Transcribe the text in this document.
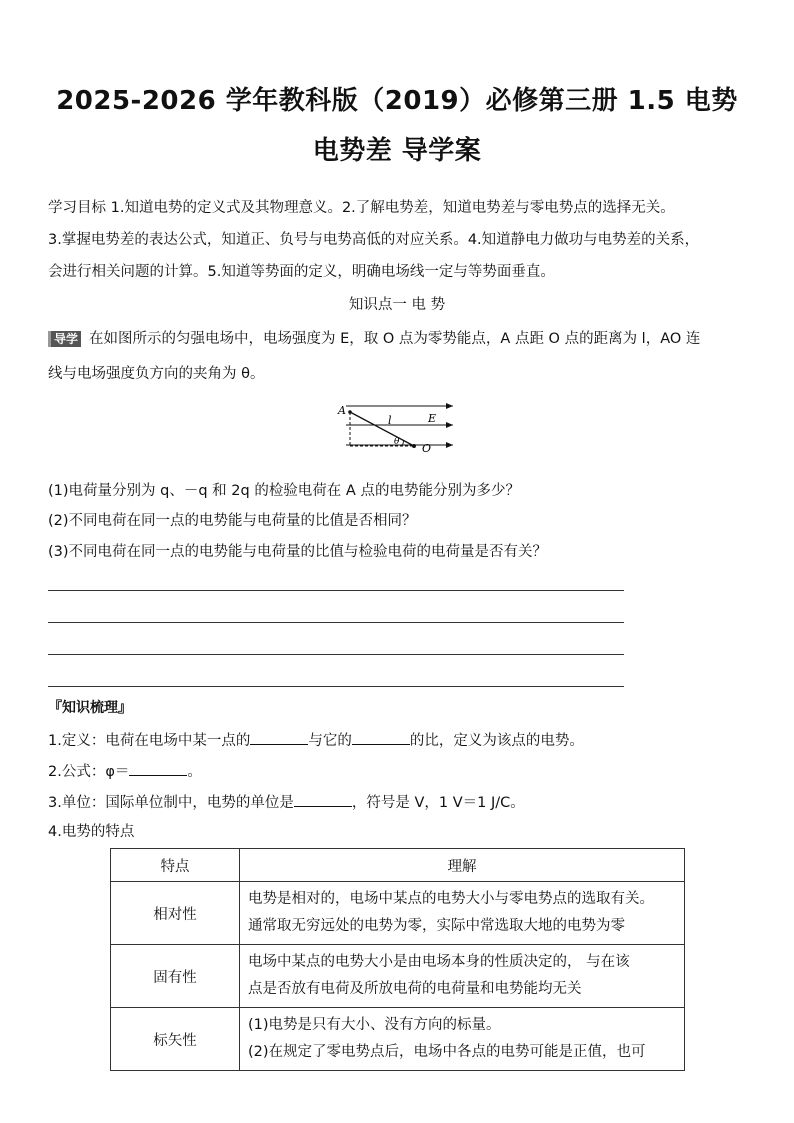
2025-2026 学年教科版（2019）必修第三册 1.5 电势
电势差 导学案
学习目标 1.知道电势的定义式及其物理意义。2.了解电势差，知道电势差与零电势点的选择无关。
3.掌握电势差的表达公式，知道正、负号与电势高低的对应关系。4.知道静电力做功与电势差的关系，
会进行相关问题的计算。5.知道等势面的定义，明确电场线一定与等势面垂直。
知识点一 电 势
导学 在如图所示的匀强电场中，电场强度为 E，取 O 点为零势能点，A 点距 O 点的距离为 l，AO 连
线与电场强度负方向的夹角为 θ。
A
l	E
θ O
(1)电荷量分别为 q、－q 和 2q 的检验电荷在 A 点的电势能分别为多少？
(2)不同电荷在同一点的电势能与电荷量的比值是否相同？
(3)不同电荷在同一点的电势能与电荷量的比值与检验电荷的电荷量是否有关？
『知识梳理』
1.定义：电荷在电场中某一点的	与它的	的比，定义为该点的电势。
2.公式：φ＝	。
3.单位：国际单位制中，电势的单位是	，符号是 V，1 V＝1 J/C。
4.电势的特点
特点	理解
相对性	电势是相对的，电场中某点的电势大小与零电势点的选取有关。
通常取无穷远处的电势为零，实际中常选取大地的电势为零

固有性	电场中某点的电势大小是由电场本身的性质决定的， 与在该
点是否放有电荷及所放电荷的电荷量和电势能均无关

标矢性	(1)电势是只有大小、没有方向的标量。
(2)在规定了零电势点后，电场中各点的电势可能是正值，也可
